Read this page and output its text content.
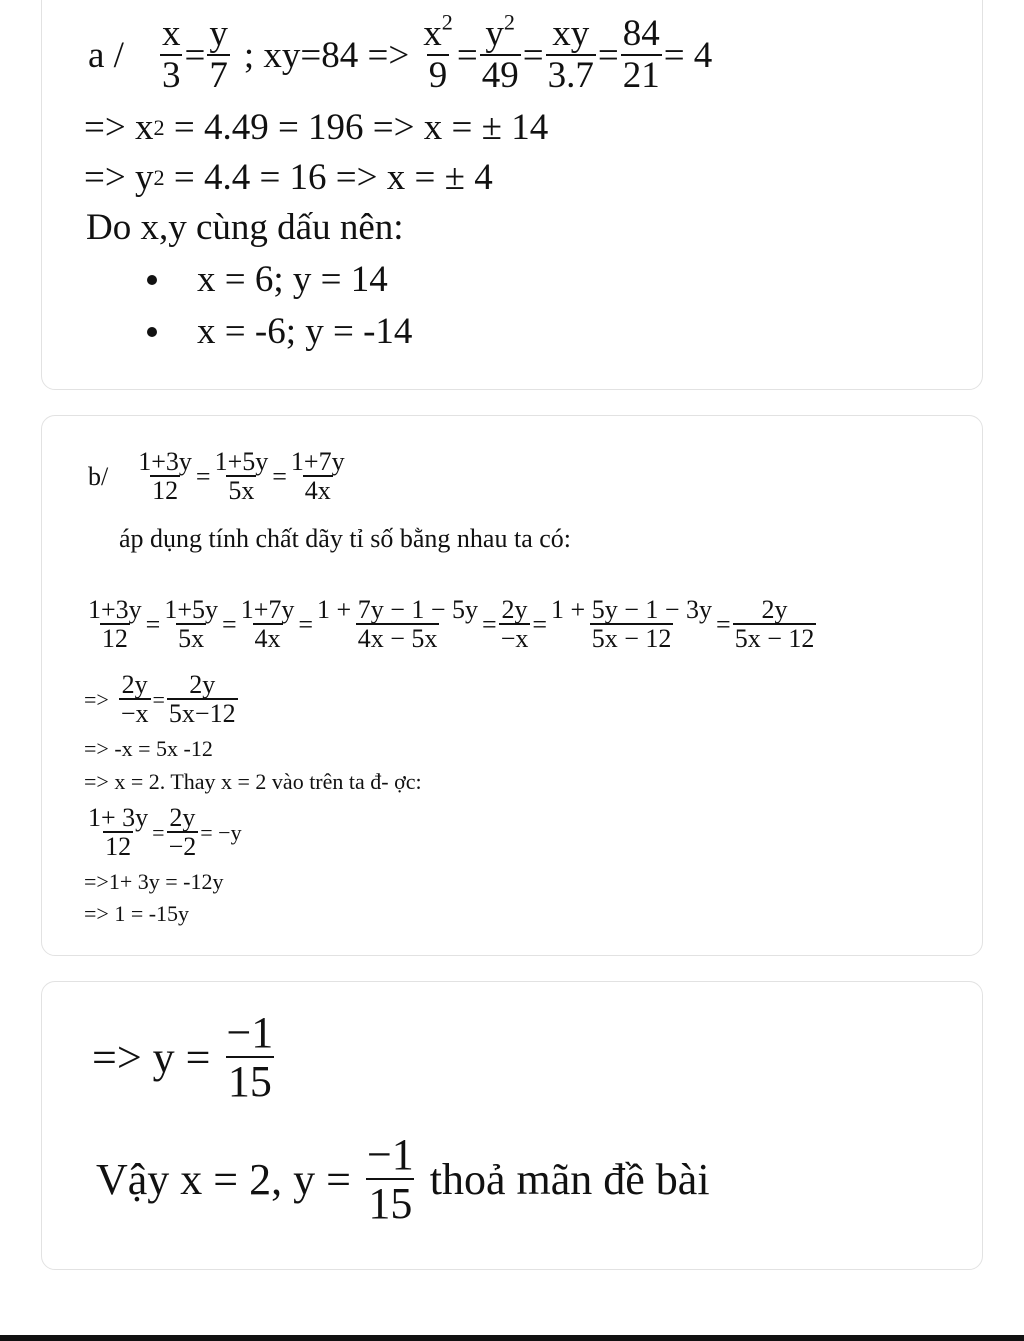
$a / \frac{x}{3} = \frac{y}{7}$ ; $xy=84 => \frac{x^2}{9} = \frac{y^2}{49} = \frac{xy}{3.7} = \frac{84}{21} = 4$
=> x 2 = 4.49 = 196 => x = ± 14
=> y 2 = 4.4 = 16 => x = ± 4
Do x,y cùng dấu nên:
x = 6; y = 14
x = -6; y = -14
$b/ \frac{1+3y}{12} = \frac{1+5y}{5x} = \frac{1+7y}{4x}$
áp dụng tính chất dãy tỉ số bằng nhau ta có:
$\frac{1+3y}{12} = \frac{1+5y}{5x} = \frac{1+7y}{4x} = \frac{1 + 7y - 1 - 5y}{4x - 5x} = \frac{2y}{-x} = \frac{1 + 5y - 1 - 3y}{5x - 12} = \frac{2y}{5x - 12}$
=> $\frac{2y}{-x} = \frac{2y}{5x-12}$
=> -x = 5x -12
=> x = 2. Thay x = 2 vào trên ta đ- ợc:
$\frac{1+ 3y}{12} = \frac{2y}{-2} = -y$
=>1+ 3y = -12y
=> 1 = -15y
=> $y = \frac{-1}{15}$
Vậy x = 2, $y = \frac{-1}{15}$ thoả mãn đề bài
